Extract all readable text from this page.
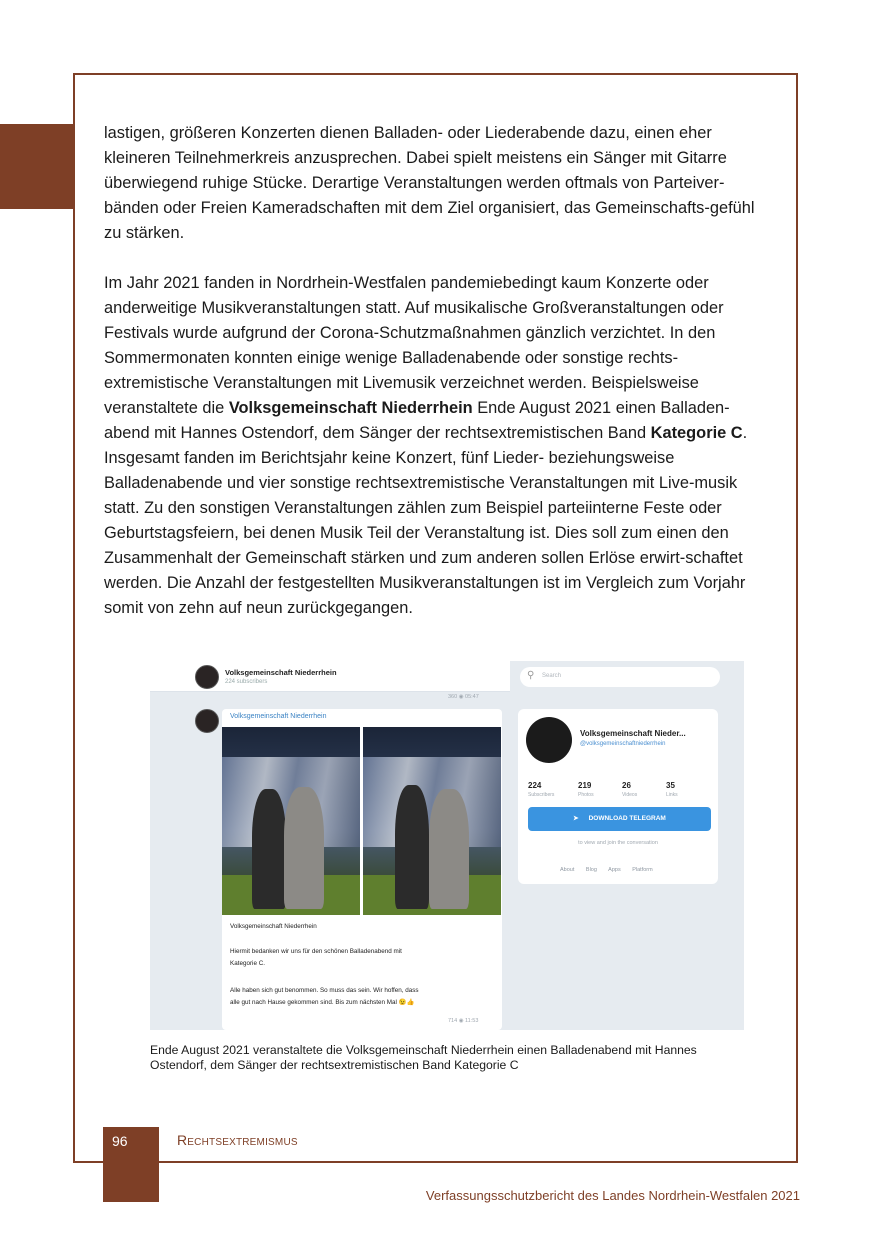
lastigen, größeren Konzerten dienen Balladen- oder Liederabende dazu, einen eher kleineren Teilnehmerkreis anzusprechen. Dabei spielt meistens ein Sänger mit Gitarre überwiegend ruhige Stücke. Derartige Veranstaltungen werden oftmals von Parteiver-bänden oder Freien Kameradschaften mit dem Ziel organisiert, das Gemeinschafts-gefühl zu stärken.

Im Jahr 2021 fanden in Nordrhein-Westfalen pandemiebedingt kaum Konzerte oder anderweitige Musikveranstaltungen statt. Auf musikalische Großveranstaltungen oder Festivals wurde aufgrund der Corona-Schutzmaßnahmen gänzlich verzichtet. In den Sommermonaten konnten einige wenige Balladenabende oder sonstige rechts-extremistische Veranstaltungen mit Livemusik verzeichnet werden. Beispielsweise veranstaltete die Volksgemeinschaft Niederrhein Ende August 2021 einen Balladen-abend mit Hannes Ostendorf, dem Sänger der rechtsextremistischen Band Kategorie C. Insgesamt fanden im Berichtsjahr keine Konzert, fünf Lieder- beziehungsweise Balladenabende und vier sonstige rechtsextremistische Veranstaltungen mit Live-musik statt. Zu den sonstigen Veranstaltungen zählen zum Beispiel parteiinterne Feste oder Geburtstagsfeiern, bei denen Musik Teil der Veranstaltung ist. Dies soll zum einen den Zusammenhalt der Gemeinschaft stärken und zum anderen sollen Erlöse erwirt-schaftet werden. Die Anzahl der festgestellten Musikveranstaltungen ist im Vergleich zum Vorjahr somit von zehn auf neun zurückgegangen.

Volksgemeinschaft Niederrhein
224 subscribers
360 ◉ 05:47
Volksgemeinschaft Niederrhein
Volksgemeinschaft Niederrhein
Hiermit bedanken wir uns für den schönen Balladenabend mit
Kategorie C.
Alle haben sich gut benommen. So muss das sein. Wir hoffen, dass
alle gut nach Hause gekommen sind. Bis zum nächsten Mal 😉👍
714 ◉ 11:53
⚲ Search
Volksgemeinschaft Nieder...
@volksgemeinschaftniederrhein
224
Subscribers
219
Photos
26
Videos
35
Links
➤ DOWNLOAD TELEGRAM
to view and join the conversation
About Blog Apps Platform
Ende August 2021 veranstaltete die Volksgemeinschaft Niederrhein einen Balladenabend mit Hannes Ostendorf, dem Sänger der rechtsextremistischen Band Kategorie C
96	Rechtsextremismus
Verfassungsschutzbericht des Landes Nordrhein-Westfalen 2021
